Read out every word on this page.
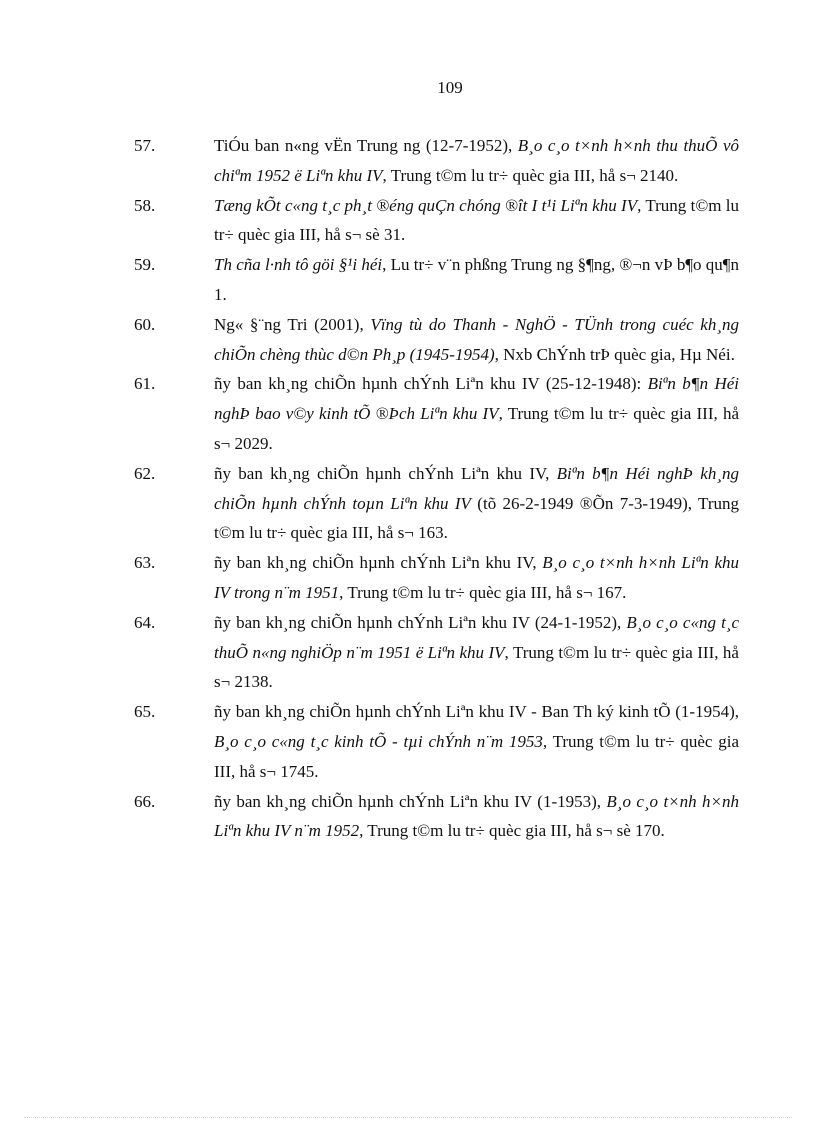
109
57.	TiÓu ban n«ng vËn Trung ng (12-7-1952), B¸o c¸o t×nh h×nh thu thuÕ vô chiªm 1952 ë Liªn khu IV, Trung t©m lu tr÷ quèc gia III, hå s¬ 2140.
58.	Tæng kÕt c«ng t¸c ph¸t ®éng quÇn chóng ®ît I t¹i Liªn khu IV, Trung t©m lu tr÷ quèc gia III, hå s¬ sè 31.
59.	Th cña l·nh tô göi §¹i héi, Lu tr÷ v¨n phßng Trung ng §¶ng, ®¬n vÞ b¶o qu¶n 1.
60.	Ng« §¨ng Tri (2001), Vïng tù do Thanh - NghÖ - TÜnh trong cuéc kh¸ng chiÕn chèng thùc d©n Ph¸p (1945-1954), Nxb ChÝnh trÞ quèc gia, Hµ Néi.
61.	ñy ban kh¸ng chiÕn hµnh chÝnh Liªn khu IV (25-12-1948): Biªn b¶n Héi nghÞ bao v©y kinh tÕ ®Þch Liªn khu IV, Trung t©m lu tr÷ quèc gia III, hå s¬ 2029.
62.	ñy ban kh¸ng chiÕn hµnh chÝnh Liªn khu IV, Biªn b¶n Héi nghÞ kh¸ng chiÕn hµnh chÝnh toµn Liªn khu IV (tõ 26-2-1949 ®Õn 7-3-1949), Trung t©m lu tr÷ quèc gia III, hå s¬ 163.
63.	ñy ban kh¸ng chiÕn hµnh chÝnh Liªn khu IV, B¸o c¸o t×nh h×nh Liªn khu IV trong n¨m 1951, Trung t©m lu tr÷ quèc gia III, hå s¬ 167.
64.	ñy ban kh¸ng chiÕn hµnh chÝnh Liªn khu IV (24-1-1952), B¸o c¸o c«ng t¸c thuÕ n«ng nghiÖp n¨m 1951 ë Liªn khu IV, Trung t©m lu tr÷ quèc gia III, hå s¬ 2138.
65.	ñy ban kh¸ng chiÕn hµnh chÝnh Liªn khu IV - Ban Th ký kinh tÕ (1-1954), B¸o c¸o c«ng t¸c kinh tÕ - tµi chÝnh n¨m 1953, Trung t©m lu tr÷ quèc gia III, hå s¬ 1745.
66.	ñy ban kh¸ng chiÕn hµnh chÝnh Liªn khu IV (1-1953), B¸o c¸o t×nh h×nh Liªn khu IV n¨m 1952, Trung t©m lu tr÷ quèc gia III, hå s¬ sè 170.
